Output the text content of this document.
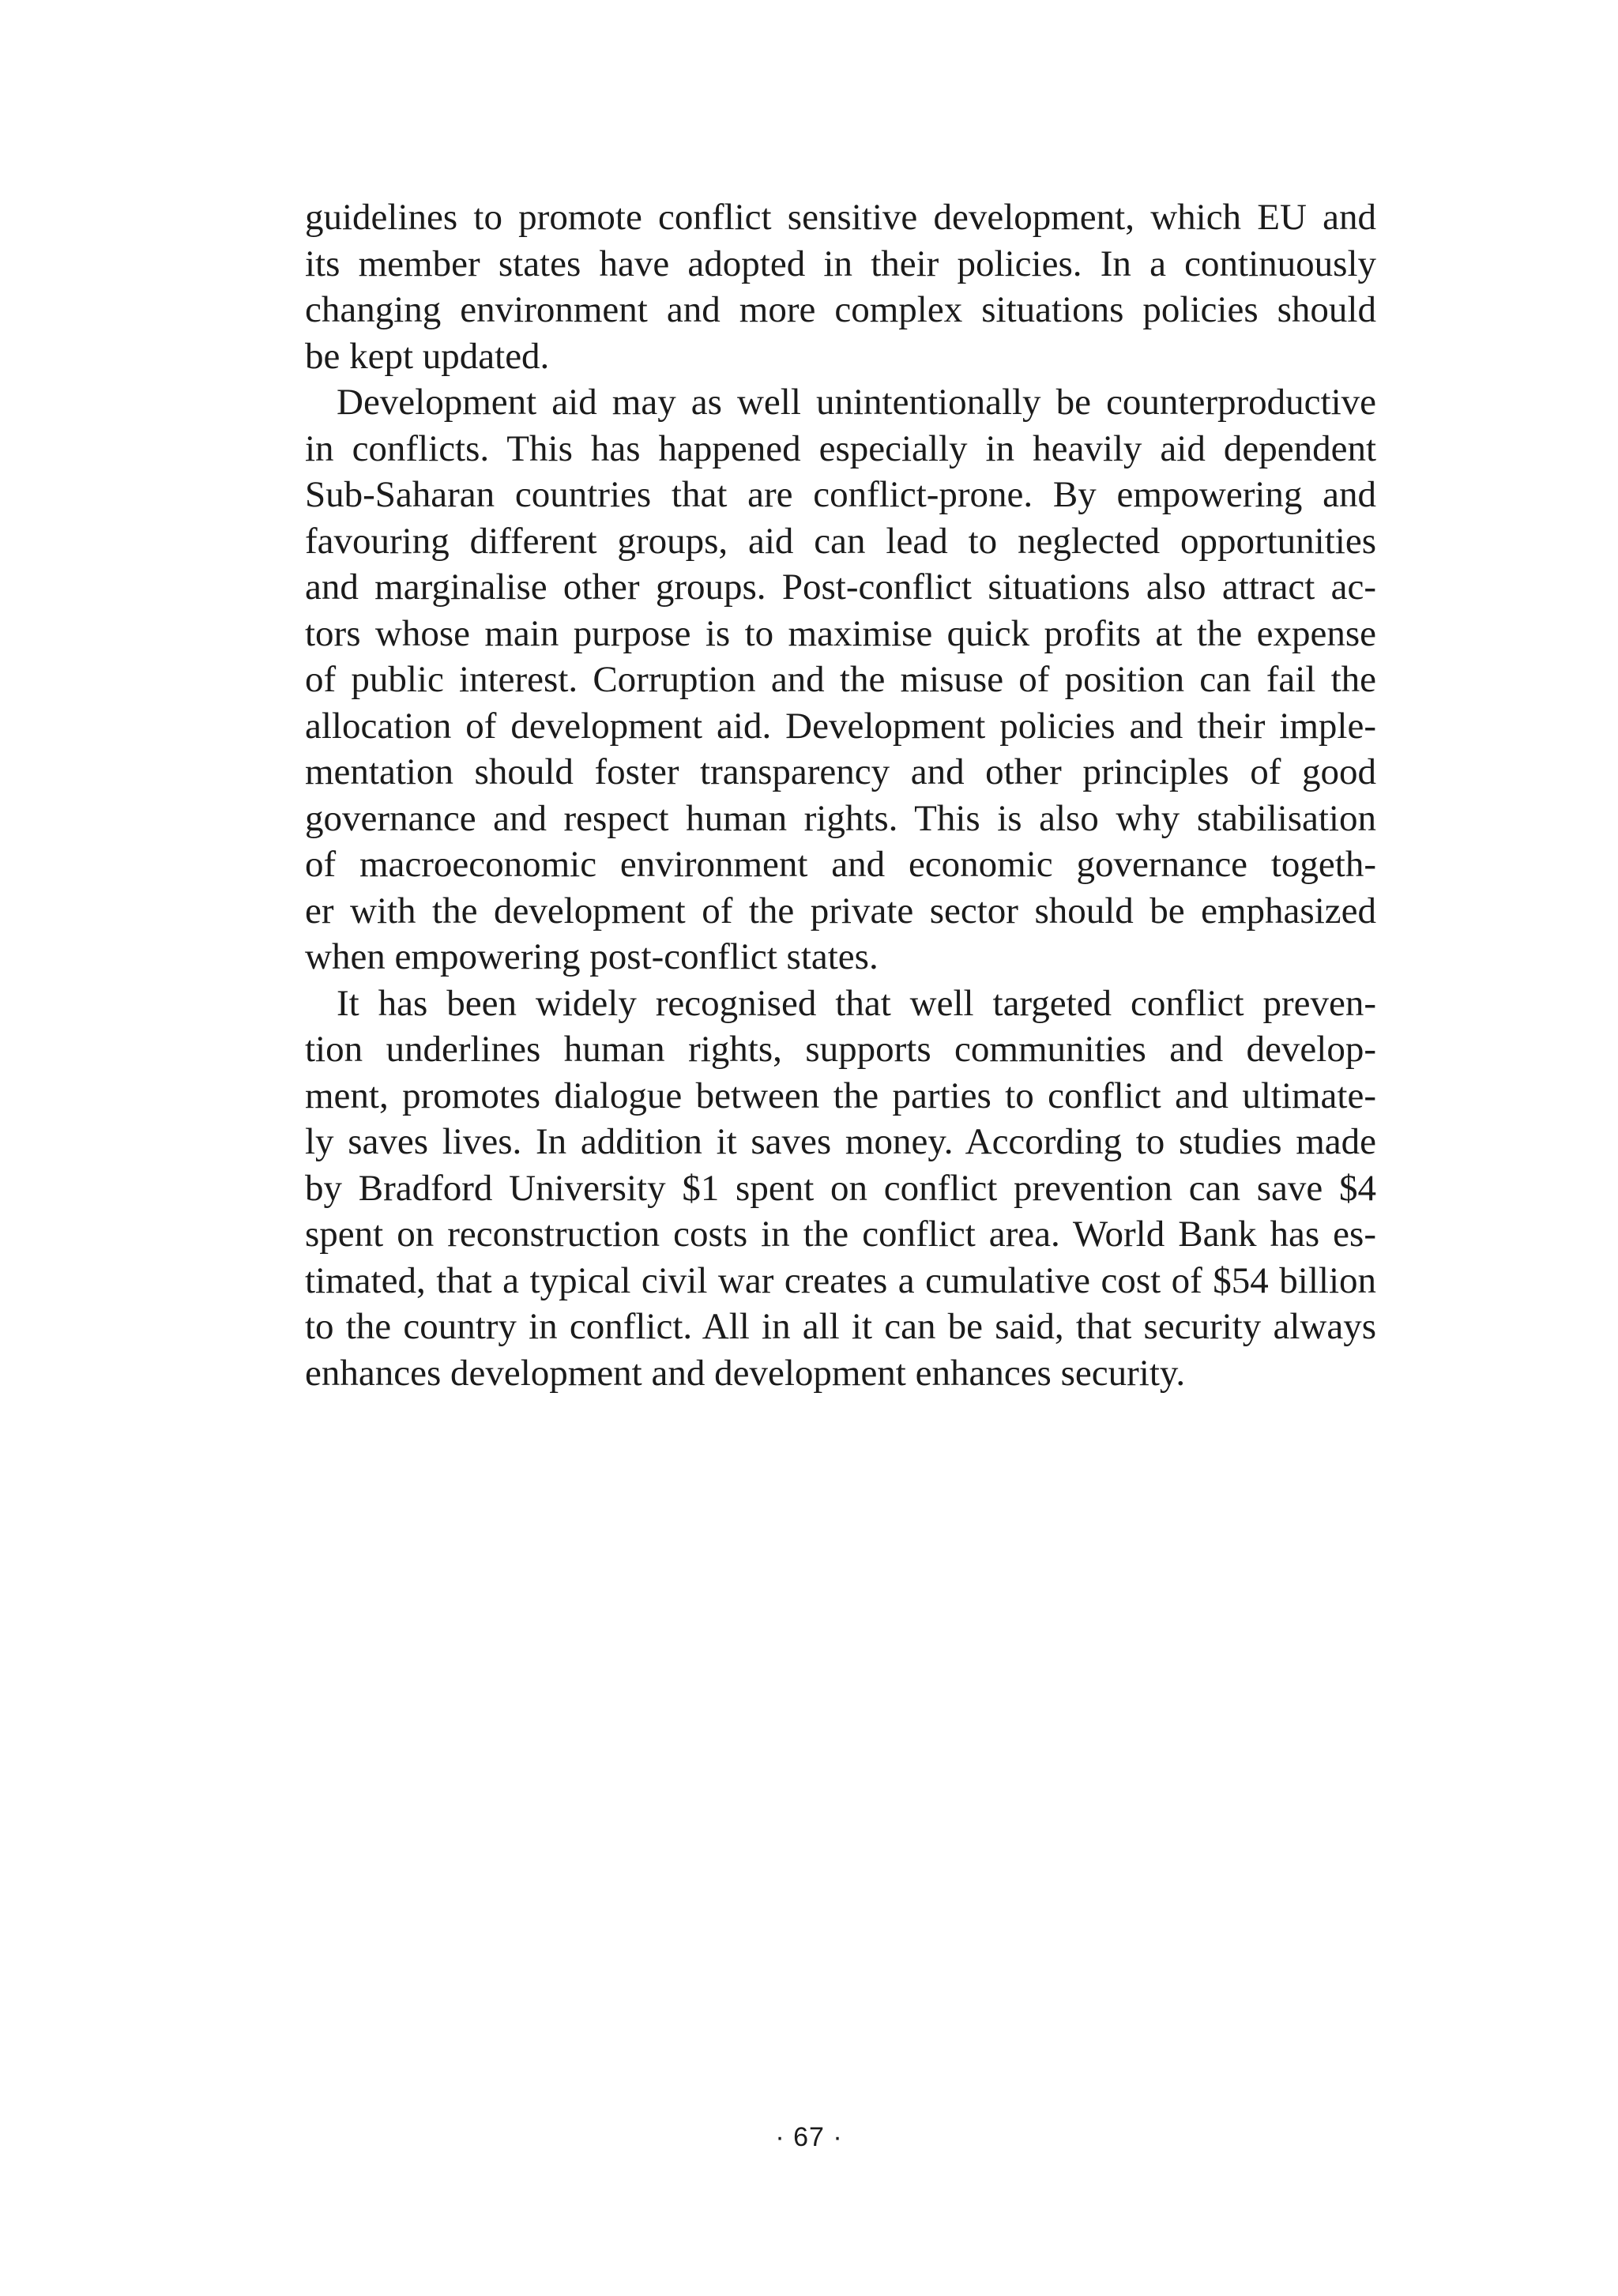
guidelines to promote conflict sensitive development, which EU and
its member states have adopted in their policies. In a continuously
changing environment and more complex situations policies should
be kept updated.

Development aid may as well unintentionally be counterproductive
in conflicts. This has happened especially in heavily aid dependent
Sub-Saharan countries that are conflict-prone. By empowering and
favouring different groups, aid can lead to neglected opportunities
and marginalise other groups. Post-conflict situations also attract ac-
tors whose main purpose is to maximise quick profits at the expense
of public interest. Corruption and the misuse of position can fail the
allocation of development aid. Development policies and their imple-
mentation should foster transparency and other principles of good
governance and respect human rights. This is also why stabilisation
of macroeconomic environment and economic governance togeth-
er with the development of the private sector should be emphasized
when empowering post-conflict states.

It has been widely recognised that well targeted conflict preven-
tion underlines human rights, supports communities and develop-
ment, promotes dialogue between the parties to conflict and ultimate-
ly saves lives. In addition it saves money. According to studies made
by Bradford University $1 spent on conflict prevention can save $4
spent on reconstruction costs in the conflict area. World Bank has es-
timated, that a typical civil war creates a cumulative cost of $54 billion
to the country in conflict. All in all it can be said, that security always
enhances development and development enhances security.

· 67 ·
